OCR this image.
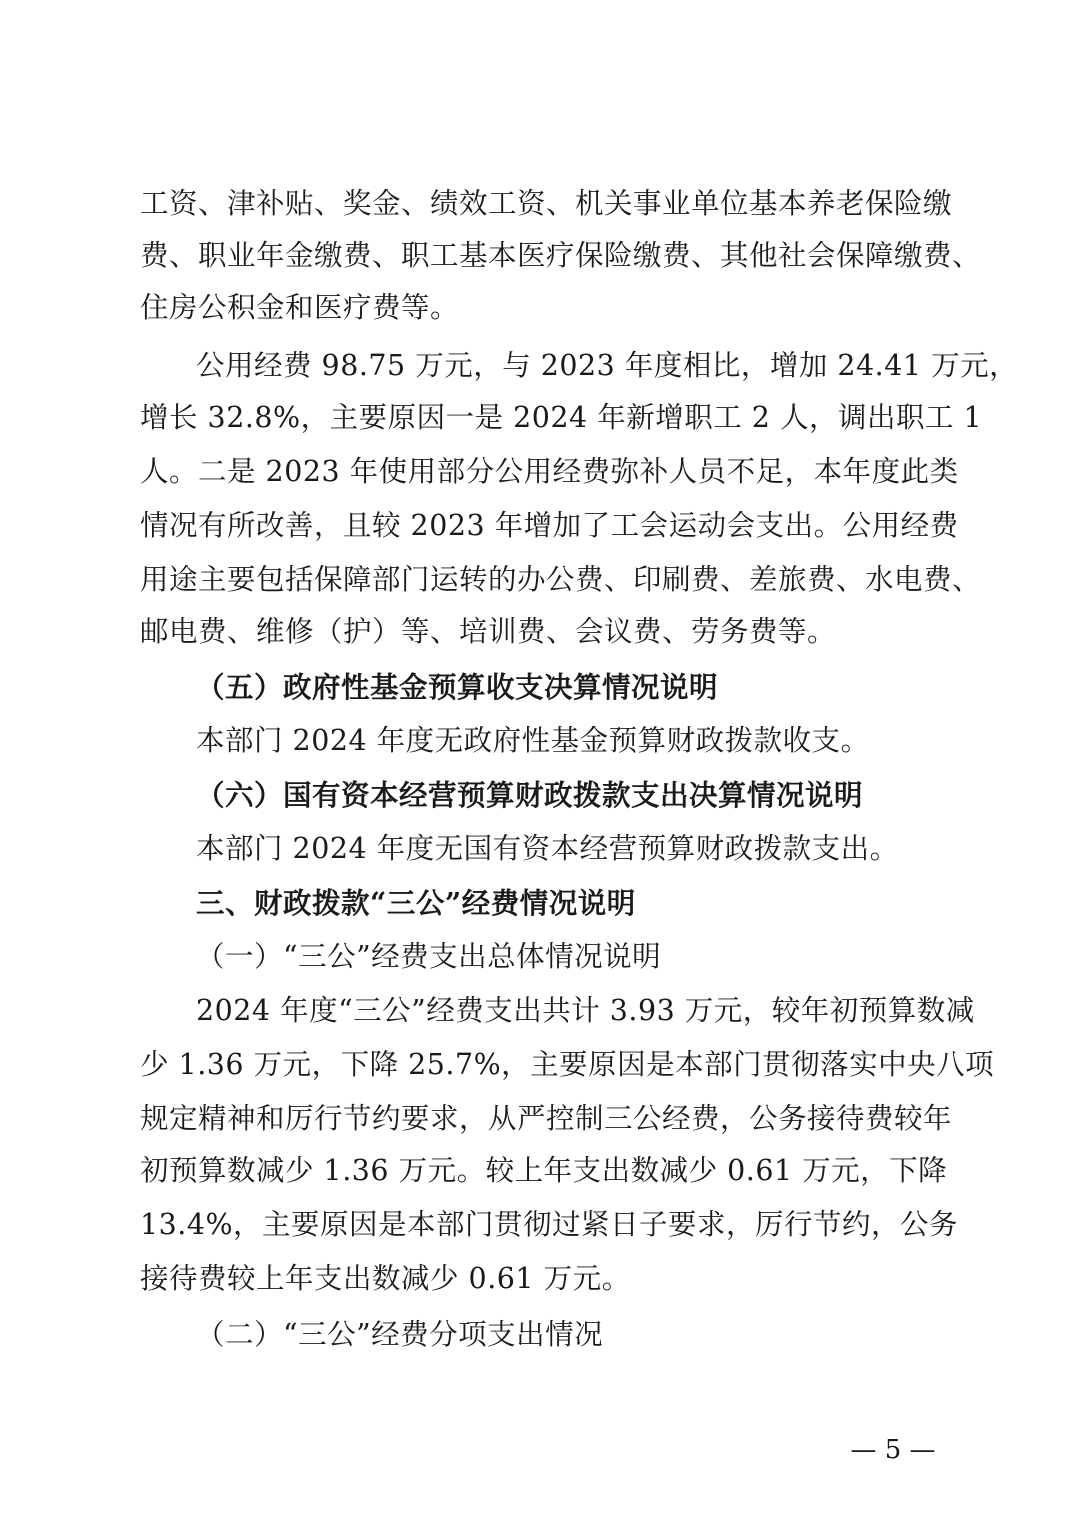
工资、津补贴、奖金、绩效工资、机关事业单位基本养老保险缴
费、职业年金缴费、职工基本医疗保险缴费、其他社会保障缴费、
住房公积金和医疗费等。
公用经费 98.75 万元，与 2023 年度相比，增加 24.41 万元，
增长 32.8%，主要原因一是 2024 年新增职工 2 人，调出职工 1
人。二是 2023 年使用部分公用经费弥补人员不足，本年度此类
情况有所改善，且较 2023 年增加了工会运动会支出。公用经费
用途主要包括保障部门运转的办公费、印刷费、差旅费、水电费、
邮电费、维修（护）等、培训费、会议费、劳务费等。
（五）政府性基金预算收支决算情况说明
本部门 2024 年度无政府性基金预算财政拨款收支。
（六）国有资本经营预算财政拨款支出决算情况说明
本部门 2024 年度无国有资本经营预算财政拨款支出。
三、财政拨款“三公”经费情况说明
（一）“三公”经费支出总体情况说明
2024 年度“三公”经费支出共计 3.93 万元，较年初预算数减
少 1.36 万元，下降 25.7%，主要原因是本部门贯彻落实中央八项
规定精神和厉行节约要求，从严控制三公经费，公务接待费较年
初预算数减少 1.36 万元。较上年支出数减少 0.61 万元，下降
13.4%，主要原因是本部门贯彻过紧日子要求，厉行节约，公务
接待费较上年支出数减少 0.61 万元。
（二）“三公”经费分项支出情况
— 5 —
